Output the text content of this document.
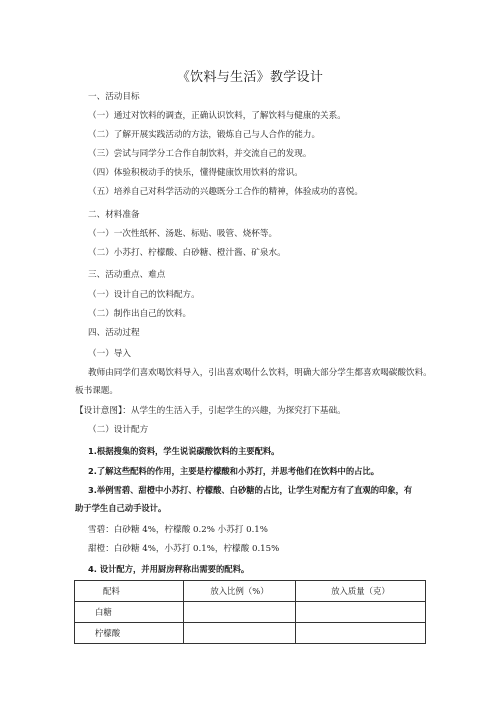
《饮料与生活》教学设计
一、活动目标
（一）通过对饮料的调查，正确认识饮料，了解饮料与健康的关系。
（二）了解开展实践活动的方法，锻炼自己与人合作的能力。
（三）尝试与同学分工合作自制饮料，并交流自己的发现。
（四）体验积极动手的快乐，懂得健康饮用饮料的常识。
（五）培养自己对科学活动的兴趣既分工合作的精神，体验成功的喜悦。
二、材料准备
（一）一次性纸杯、汤匙、标贴、吸管、烧杯等。
（二）小苏打、柠檬酸、白砂糖、橙汁酱、矿泉水。
三、活动重点、难点
（一）设计自己的饮料配方。
（二）制作出自己的饮料。
四、活动过程
（一）导入
教师由同学们喜欢喝饮料导入，引出喜欢喝什么饮料，明确大部分学生都喜欢喝碳酸饮料。
板书课题。
【设计意图】：从学生的生活入手，引起学生的兴趣，为探究打下基础。
（二）设计配方
1.根据搜集的资料，学生说说碳酸饮料的主要配料。
2.了解这些配料的作用，主要是柠檬酸和小苏打，并思考他们在饮料中的占比。
3.举例雪碧、甜橙中小苏打、柠檬酸、白砂糖的占比，让学生对配方有了直观的印象，有
助于学生自己动手设计。
雪碧：白砂糖 4%，柠檬酸 0.2% 小苏打 0.1%
甜橙：白砂糖 4%，小苏打 0.1%，柠檬酸 0.15%
4. 设计配方，并用厨房秤称出需要的配料。
配料	放入比例（%）	放入质量（克）
白糖		
柠檬酸		
